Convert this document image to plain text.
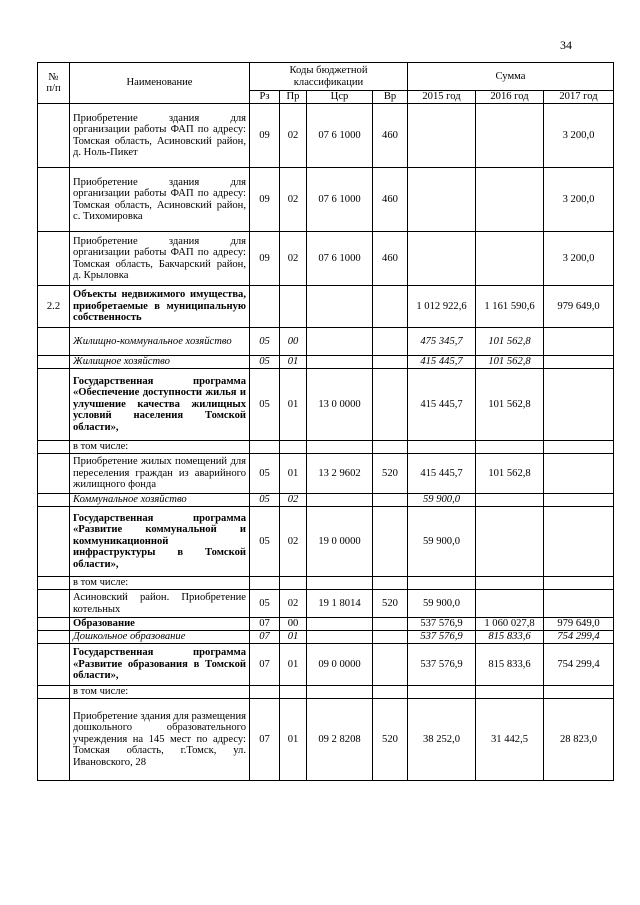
34
№
п/п	Наименование	Коды бюджетной
классификации				Сумма		
		Рз	Пр	Цср	Вр	2015 год	2016 год	2017 год
	Приобретение здания для организации работы ФАП по адресу: Томская область, Асиновский район, д. Ноль-Пикет	09	02	07 6 1000	460			3 200,0
	Приобретение здания для организации работы ФАП по адресу: Томская область, Асиновский район, с. Тихомировка	09	02	07 6 1000	460			3 200,0
	Приобретение здания для организации работы ФАП по адресу: Томская область, Бакчарский район, д. Крыловка	09	02	07 6 1000	460			3 200,0
2.2	Объекты недвижимого имущества, приобретаемые в муниципальную собственность					1 012 922,6	1 161 590,6	979 649,0
	Жилищно-коммунальное хозяйство	05	00			475 345,7	101 562,8	
	Жилищное хозяйство	05	01			415 445,7	101 562,8	
	Государственная программа «Обеспечение доступности жилья и улучшение качества жилищных условий населения Томской области»,	05	01	13 0 0000		415 445,7	101 562,8	
	в том числе:							
	Приобретение жилых помещений для переселения граждан из аварийного жилищного фонда	05	01	13 2 9602	520	415 445,7	101 562,8	
	Коммунальное хозяйство	05	02			59 900,0		
	Государственная программа «Развитие коммунальной и коммуникационной инфраструктуры в Томской области»,	05	02	19 0 0000		59 900,0		
	в том числе:							
	Асиновский район. Приобретение котельных	05	02	19 1 8014	520	59 900,0		
	Образование	07	00			537 576,9	1 060 027,8	979 649,0
	Дошкольное образование	07	01			537 576,9	815 833,6	754 299,4
	Государственная программа «Развитие образования в Томской области»,	07	01	09 0 0000		537 576,9	815 833,6	754 299,4
	в том числе:							
	Приобретение здания для размещения дошкольного образовательного учреждения на 145 мест по адресу: Томская область, г.Томск, ул. Ивановского, 28	07	01	09 2 8208	520	38 252,0	31 442,5	28 823,0
